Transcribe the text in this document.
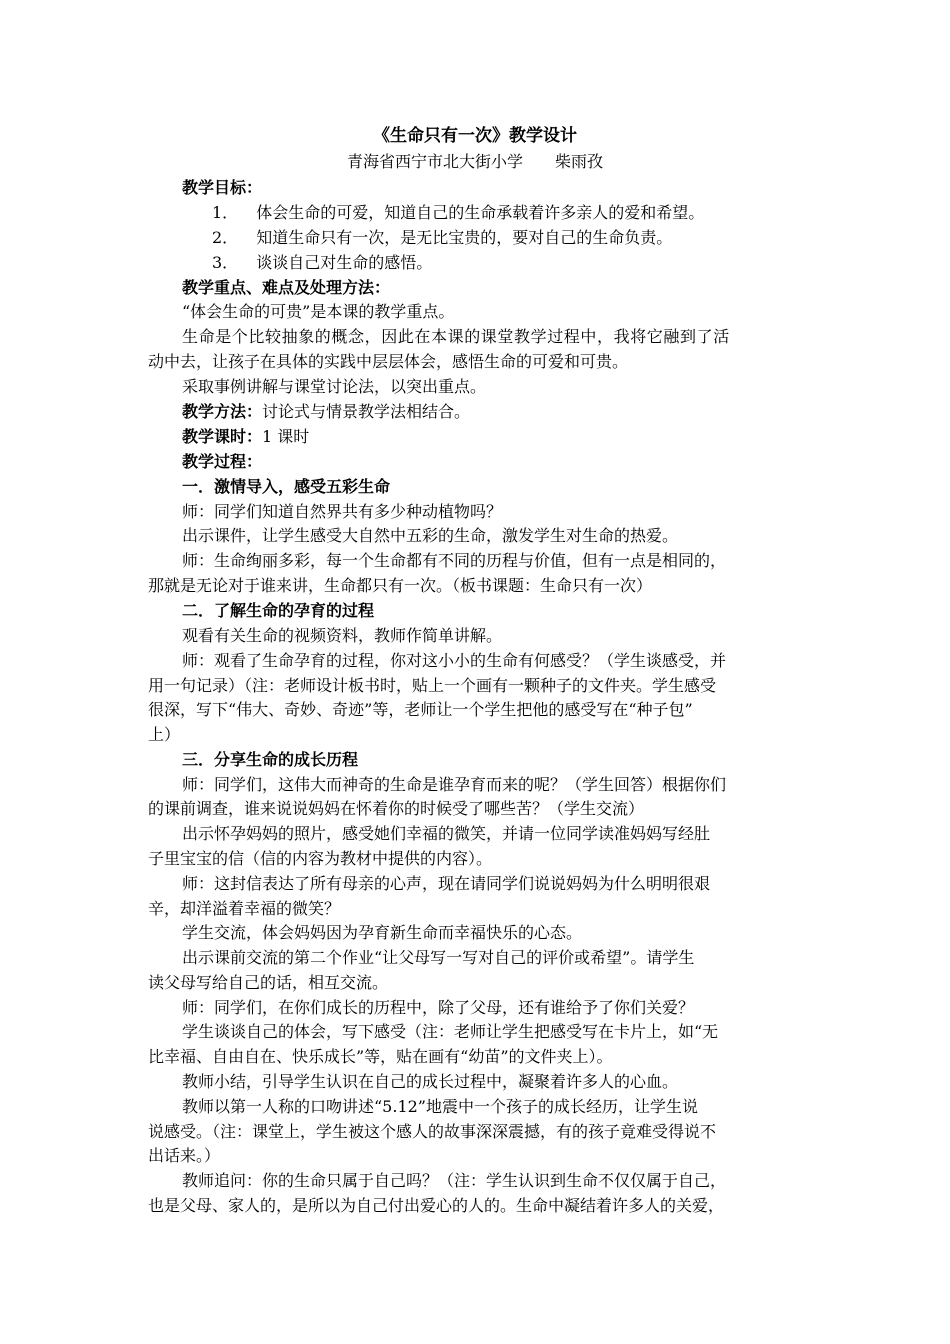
《生命只有一次》教学设计
青海省西宁市北大街小学　　柴雨孜
教学目标：
1． 体会生命的可爱，知道自己的生命承载着许多亲人的爱和希望。
2． 知道生命只有一次，是无比宝贵的，要对自己的生命负责。
3． 谈谈自己对生命的感悟。
教学重点、难点及处理方法：
“体会生命的可贵”是本课的教学重点。
生命是个比较抽象的概念，因此在本课的课堂教学过程中，我将它融到了活
动中去，让孩子在具体的实践中层层体会，感悟生命的可爱和可贵。
采取事例讲解与课堂讨论法，以突出重点。
教学方法：讨论式与情景教学法相结合。
教学课时：1 课时
教学过程：
一．激情导入，感受五彩生命
师：同学们知道自然界共有多少种动植物吗？
出示课件，让学生感受大自然中五彩的生命，激发学生对生命的热爱。
师：生命绚丽多彩，每一个生命都有不同的历程与价值，但有一点是相同的，
那就是无论对于谁来讲，生命都只有一次。（板书课题：生命只有一次）
二．了解生命的孕育的过程
观看有关生命的视频资料，教师作简单讲解。
师：观看了生命孕育的过程，你对这小小的生命有何感受？（学生谈感受，并
用一句记录）（注：老师设计板书时，贴上一个画有一颗种子的文件夹。学生感受
很深，写下“伟大、奇妙、奇迹”等，老师让一个学生把他的感受写在“种子包”
上）
三．分享生命的成长历程
师：同学们，这伟大而神奇的生命是谁孕育而来的呢？（学生回答）根据你们
的课前调查，谁来说说妈妈在怀着你的时候受了哪些苦？（学生交流）
出示怀孕妈妈的照片，感受她们幸福的微笑，并请一位同学读准妈妈写经肚
子里宝宝的信（信的内容为教材中提供的内容）。
师：这封信表达了所有母亲的心声，现在请同学们说说妈妈为什么明明很艰
辛，却洋溢着幸福的微笑？
学生交流，体会妈妈因为孕育新生命而幸福快乐的心态。
出示课前交流的第二个作业“让父母写一写对自己的评价或希望”。请学生
读父母写给自己的话，相互交流。
师：同学们，在你们成长的历程中，除了父母，还有谁给予了你们关爱？
学生谈谈自己的体会，写下感受（注：老师让学生把感受写在卡片上，如“无
比幸福、自由自在、快乐成长”等，贴在画有“幼苗”的文件夹上）。
教师小结，引导学生认识在自己的成长过程中，凝聚着许多人的心血。
教师以第一人称的口吻讲述“5.12”地震中一个孩子的成长经历，让学生说
说感受。（注：课堂上，学生被这个感人的故事深深震撼，有的孩子竟难受得说不
出话来。）
教师追问：你的生命只属于自己吗？（注：学生认识到生命不仅仅属于自己，
也是父母、家人的，是所以为自己付出爱心的人的。生命中凝结着许多人的关爱，
